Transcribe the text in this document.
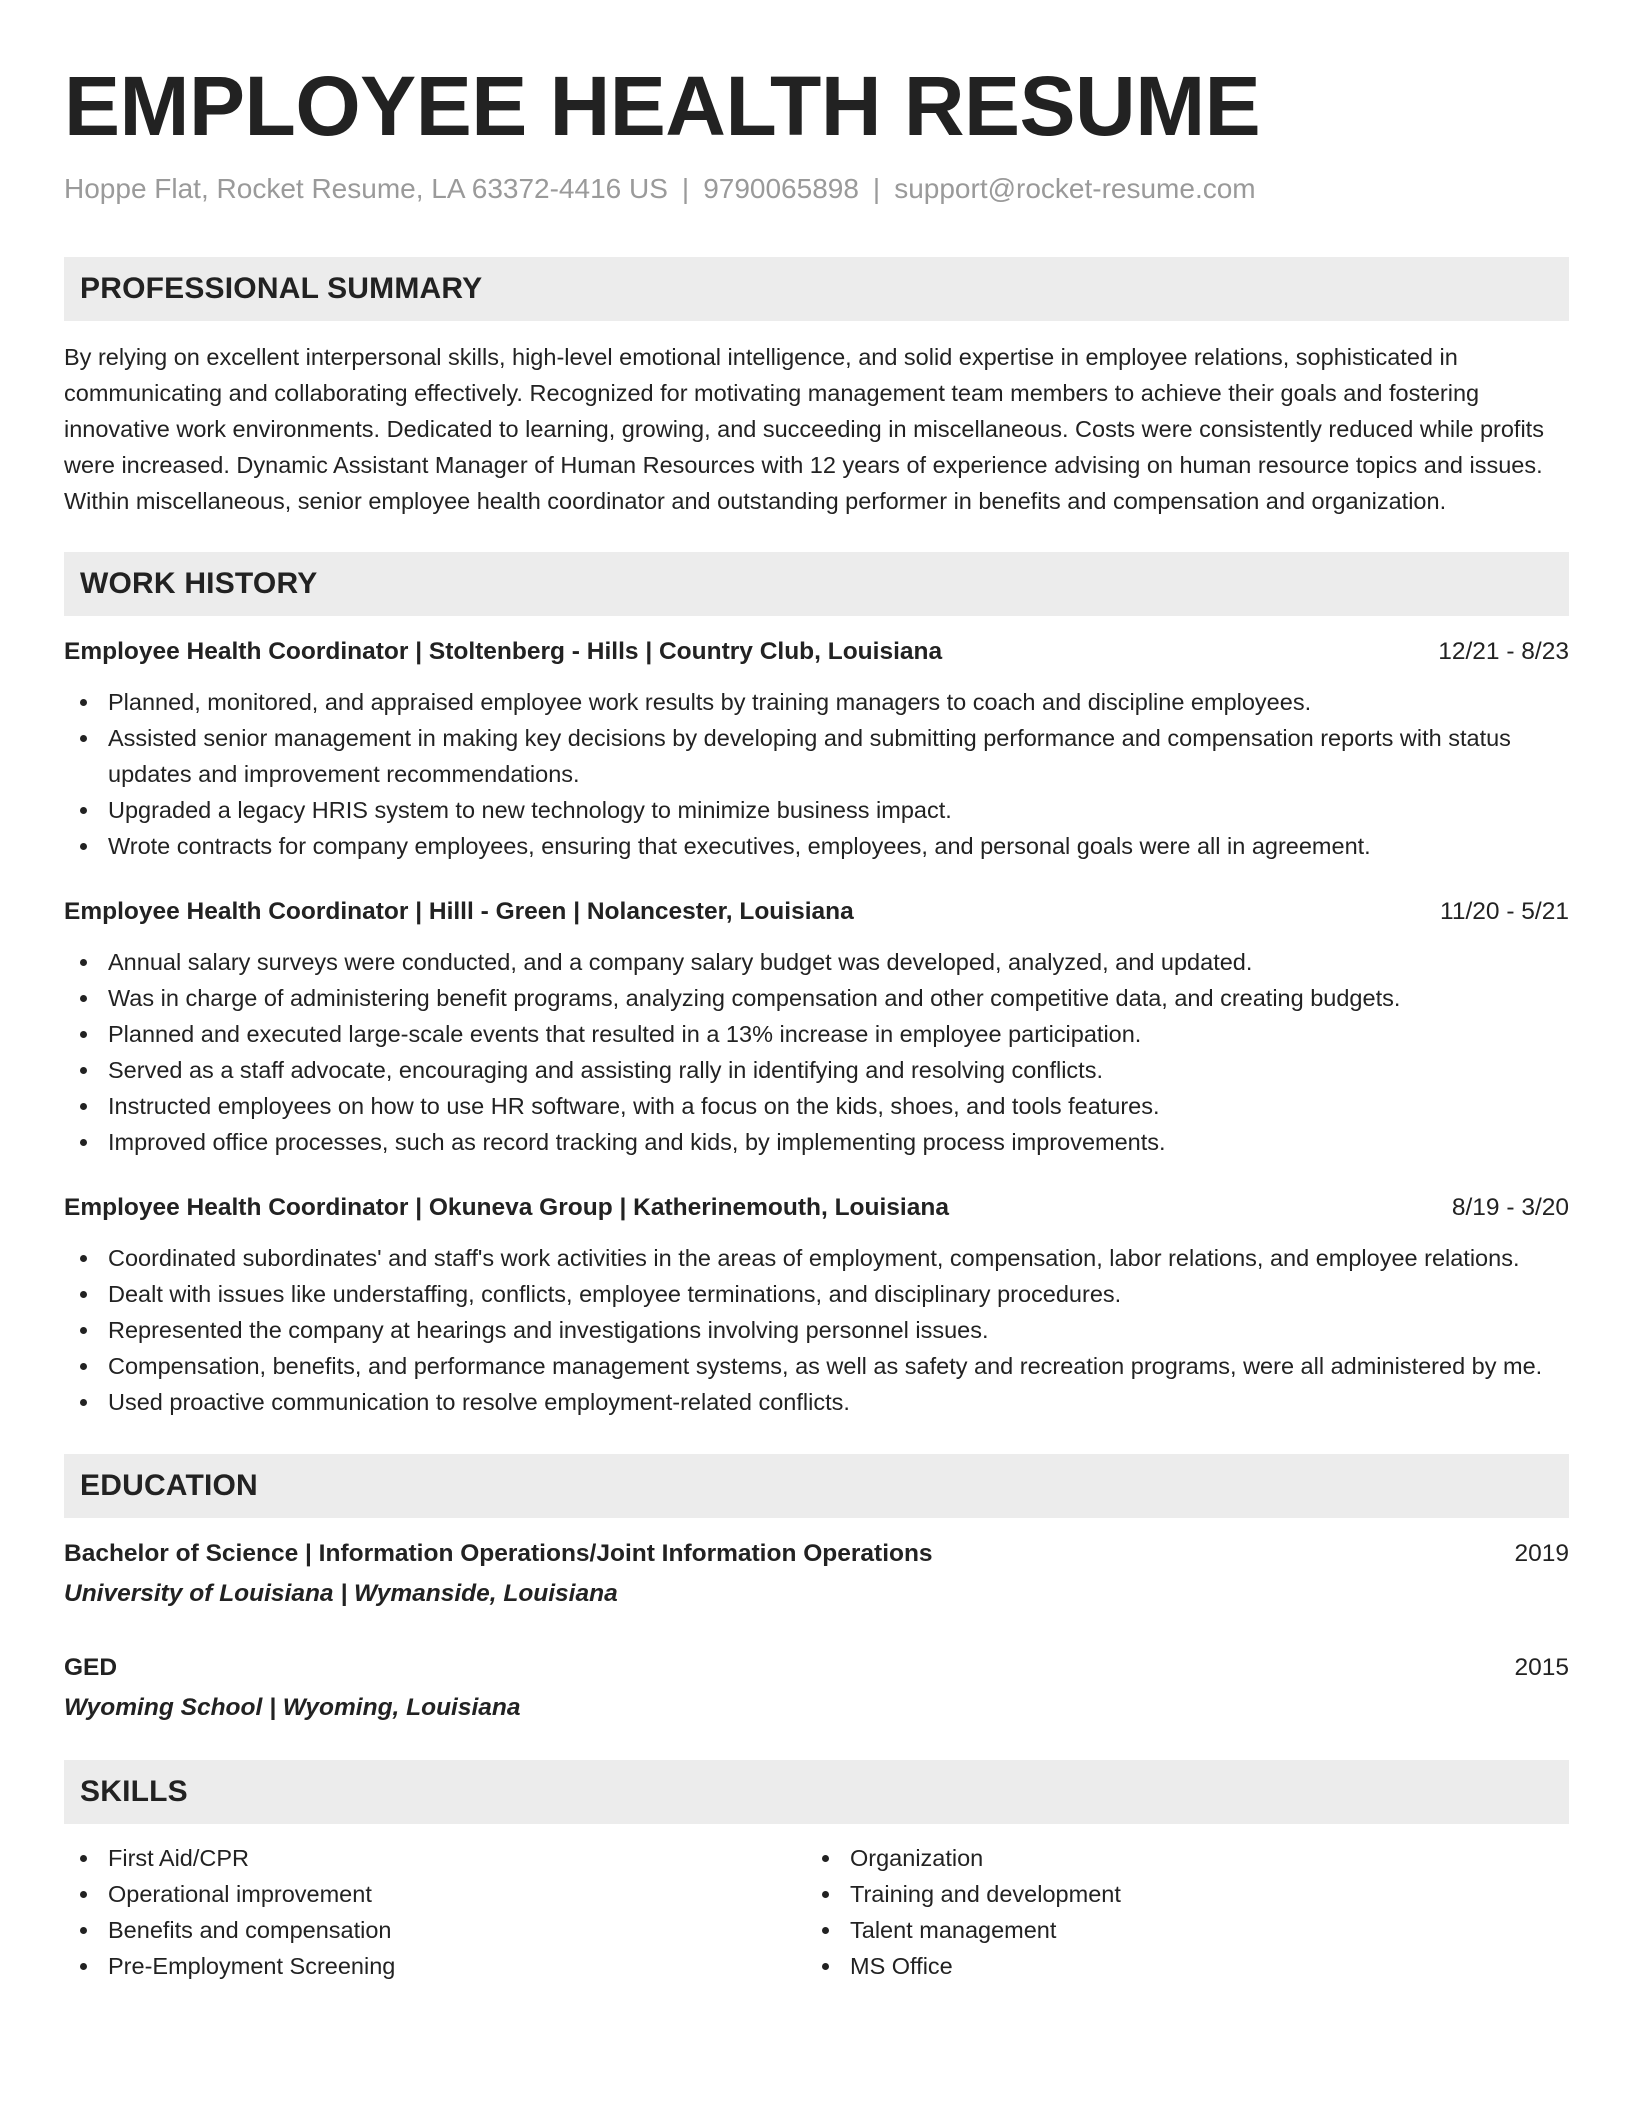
EMPLOYEE HEALTH RESUME
Hoppe Flat, Rocket Resume, LA 63372-4416 US | 9790065898 | support@rocket-resume.com
PROFESSIONAL SUMMARY

By relying on excellent interpersonal skills, high-level emotional intelligence, and solid expertise in employee relations, sophisticated in communicating and collaborating effectively. Recognized for motivating management team members to achieve their goals and fostering innovative work environments. Dedicated to learning, growing, and succeeding in miscellaneous. Costs were consistently reduced while profits were increased. Dynamic Assistant Manager of Human Resources with 12 years of experience advising on human resource topics and issues. Within miscellaneous, senior employee health coordinator and outstanding performer in benefits and compensation and organization.

WORK HISTORY
Employee Health Coordinator | Stoltenberg - Hills | Country Club, Louisiana	12/21 - 8/23
Planned, monitored, and appraised employee work results by training managers to coach and discipline employees.
Assisted senior management in making key decisions by developing and submitting performance and compensation reports with status updates and improvement recommendations.
Upgraded a legacy HRIS system to new technology to minimize business impact.
Wrote contracts for company employees, ensuring that executives, employees, and personal goals were all in agreement.
Employee Health Coordinator | Hilll - Green | Nolancester, Louisiana	11/20 - 5/21
Annual salary surveys were conducted, and a company salary budget was developed, analyzed, and updated.
Was in charge of administering benefit programs, analyzing compensation and other competitive data, and creating budgets.
Planned and executed large-scale events that resulted in a 13% increase in employee participation.
Served as a staff advocate, encouraging and assisting rally in identifying and resolving conflicts.
Instructed employees on how to use HR software, with a focus on the kids, shoes, and tools features.
Improved office processes, such as record tracking and kids, by implementing process improvements.
Employee Health Coordinator | Okuneva Group | Katherinemouth, Louisiana	8/19 - 3/20
Coordinated subordinates' and staff's work activities in the areas of employment, compensation, labor relations, and employee relations.
Dealt with issues like understaffing, conflicts, employee terminations, and disciplinary procedures.
Represented the company at hearings and investigations involving personnel issues.
Compensation, benefits, and performance management systems, as well as safety and recreation programs, were all administered by me.
Used proactive communication to resolve employment-related conflicts.
EDUCATION
Bachelor of Science | Information Operations/Joint Information Operations	2019
University of Louisiana | Wymanside, Louisiana
GED	2015
Wyoming School | Wyoming, Louisiana
SKILLS
First Aid/CPR
Operational improvement
Benefits and compensation
Pre-Employment Screening
Organization
Training and development
Talent management
MS Office
